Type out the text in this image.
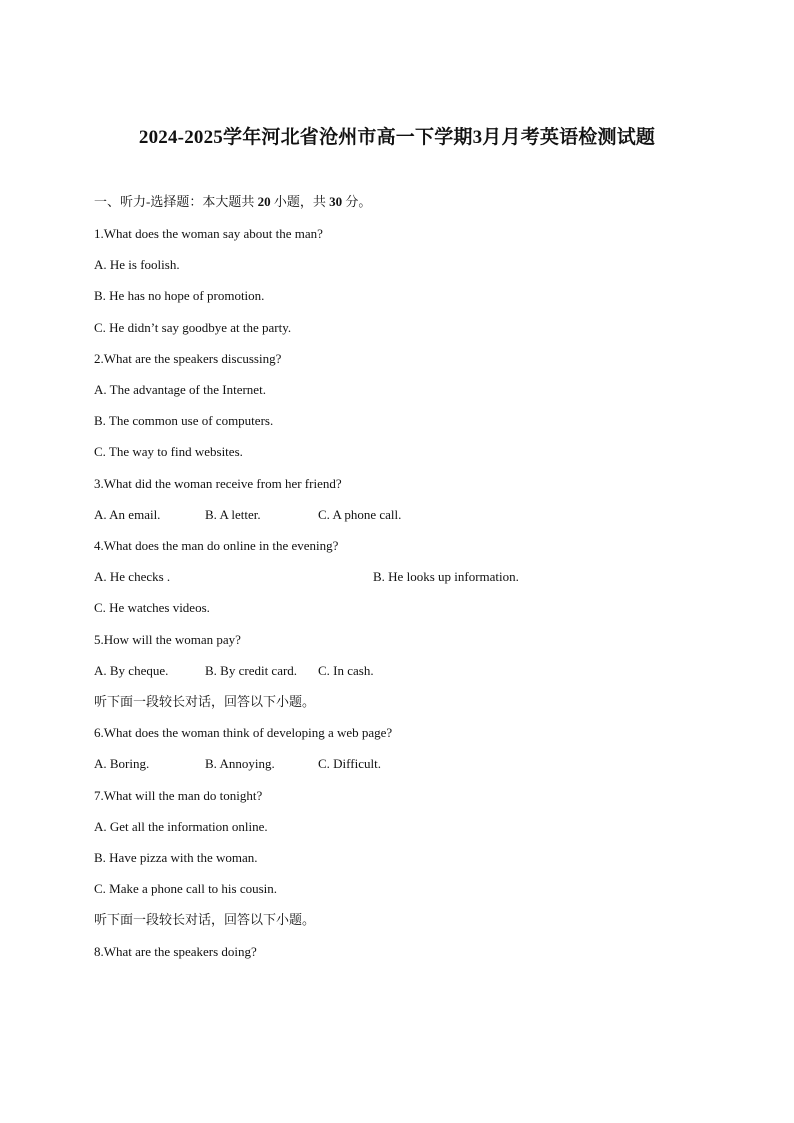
2024-2025学年河北省沧州市高一下学期3月月考英语检测试题
一、听力-选择题：本大题共 20 小题，共 30 分。
1.What does the woman say about the man?
A. He is foolish.
B. He has no hope of promotion.
C. He didn’t say goodbye at the party.
2.What are the speakers discussing?
A. The advantage of the Internet.
B. The common use of computers.
C. The way to find websites.
3.What did the woman receive from her friend?
A. An email.	B. A letter.	C. A phone call.
4.What does the man do online in the evening?
A. He checks .	B. He looks up information.
C. He watches videos.
5.How will the woman pay?
A. By cheque.	B. By credit card. C. In cash.
听下面一段较长对话，回答以下小题。
6.What does the woman think of developing a web page?
A. Boring.	B. Annoying.	C. Difficult.
7.What will the man do tonight?
A. Get all the information online.
B. Have pizza with the woman.
C. Make a phone call to his cousin.
听下面一段较长对话，回答以下小题。
8.What are the speakers doing?
